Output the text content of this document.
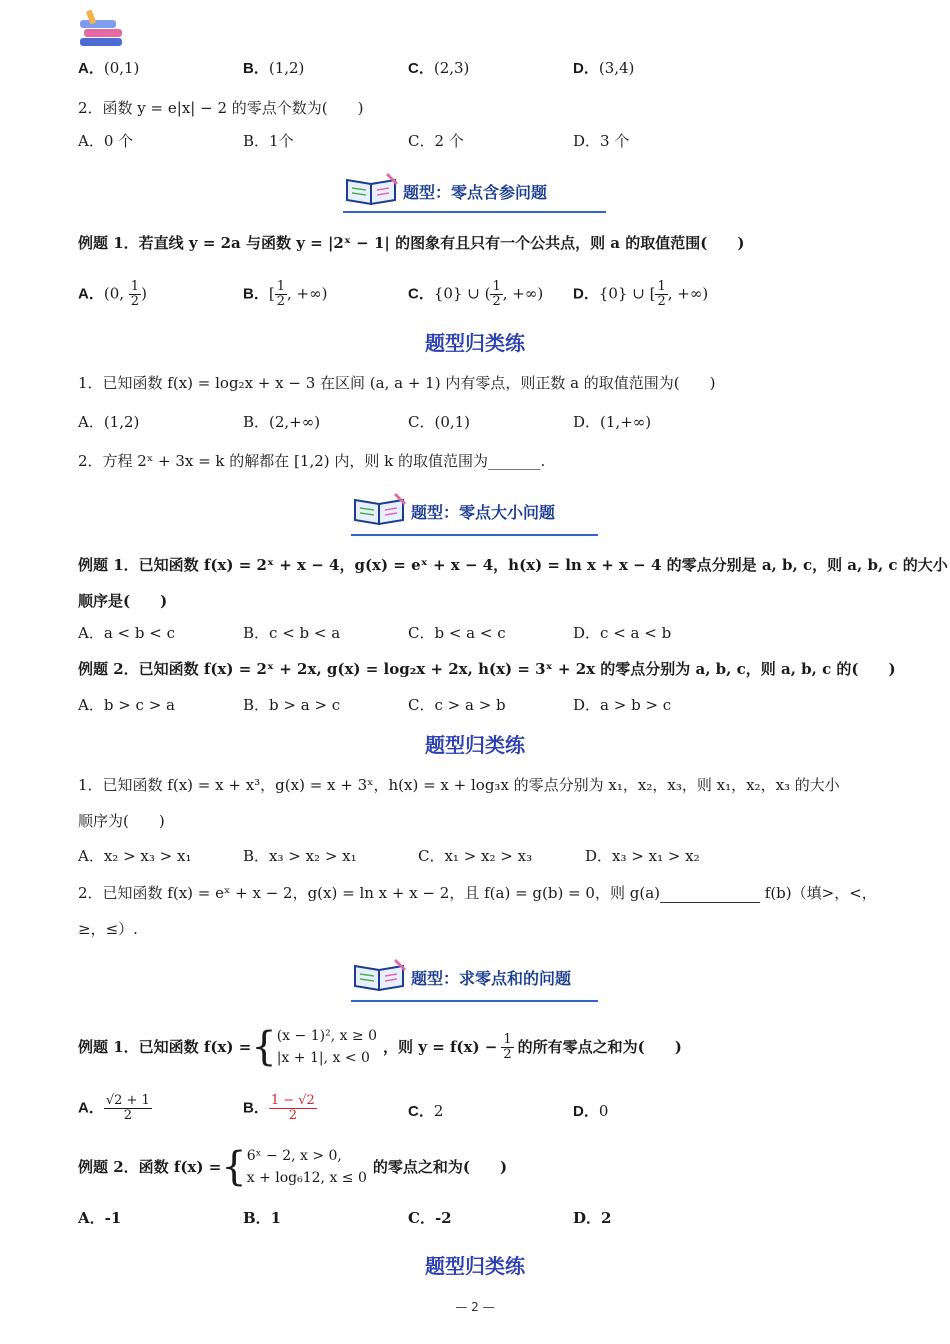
A．(0,1)	B．(1,2)	C．(2,3)	D．(3,4)
2．函数 y = e|x| − 2 的零点个数为(　　)
A．0 个	B．1个	C．2 个	D．3 个
题型：零点含参问题
例题 1．若直线 y = 2a 与函数 y = |2ˣ − 1| 的图象有且只有一个公共点，则 a 的取值范围(　　)
A．(0, $\frac{1}{2}$ )	B．[ $\frac{1}{2}$ , +∞)	C．{0} ∪ ( $\frac{1}{2}$ , +∞) D．{0} ∪ [ $\frac{1}{2}$ , +∞)
题型归类练
1．已知函数 f(x) = log₂x + x − 3 在区间 (a, a + 1) 内有零点，则正数 a 的取值范围为(　　)
A．(1,2)	B．(2,+∞)	C．(0,1)	D．(1,+∞)
2．方程 2ˣ + 3x = k 的解都在 [1,2) 内，则 k 的取值范围为_______.
题型：零点大小问题
例题 1．已知函数 f(x) = 2ˣ + x − 4，g(x) = eˣ + x − 4，h(x) = ln x + x − 4 的零点分别是 a, b, c，则 a, b, c 的大小
顺序是(　　)
A．a < b < c	B．c < b < a	C．b < a < c	D．c < a < b
例题 2．已知函数 f(x) = 2ˣ + 2x, g(x) = log₂x + 2x, h(x) = 3ˣ + 2x 的零点分别为 a, b, c，则 a, b, c 的(　　)
A．b > c > a	B．b > a > c	C．c > a > b	D．a > b > c
题型归类练
1．已知函数 f(x) = x + x³，g(x) = x + 3ˣ，h(x) = x + log₃x 的零点分别为 x₁，x₂，x₃，则 x₁，x₂，x₃ 的大小
顺序为(　　)
A．x₂ > x₃ > x₁	B．x₃ > x₂ > x₁	C．x₁ > x₂ > x₃	D．x₃ > x₁ > x₂
2．已知函数 f(x) = eˣ + x − 2，g(x) = ln x + x − 2，且 f(a) = g(b) = 0，则 g(a)	f(b)（填>，<，
≥，≤）.
题型：求零点和的问题
例题 1．已知函数 f(x) = { (x − 1)², x ≥ 0
|x + 1|, x < 0
，则 $y = f(x) - \frac{1}{2}$ 的所有零点之和为(　　)
A． $\frac{√2 + 1}{2}$	B． $\frac{1 - √2}{2}$	C．2	D．0
例题 2．函数 f(x) = { 6ˣ − 2, x > 0,
x + log₆12, x ≤ 0
的零点之和为(　　)
A．-1	B．1	C．-2	D．2
题型归类练
— 2 —
